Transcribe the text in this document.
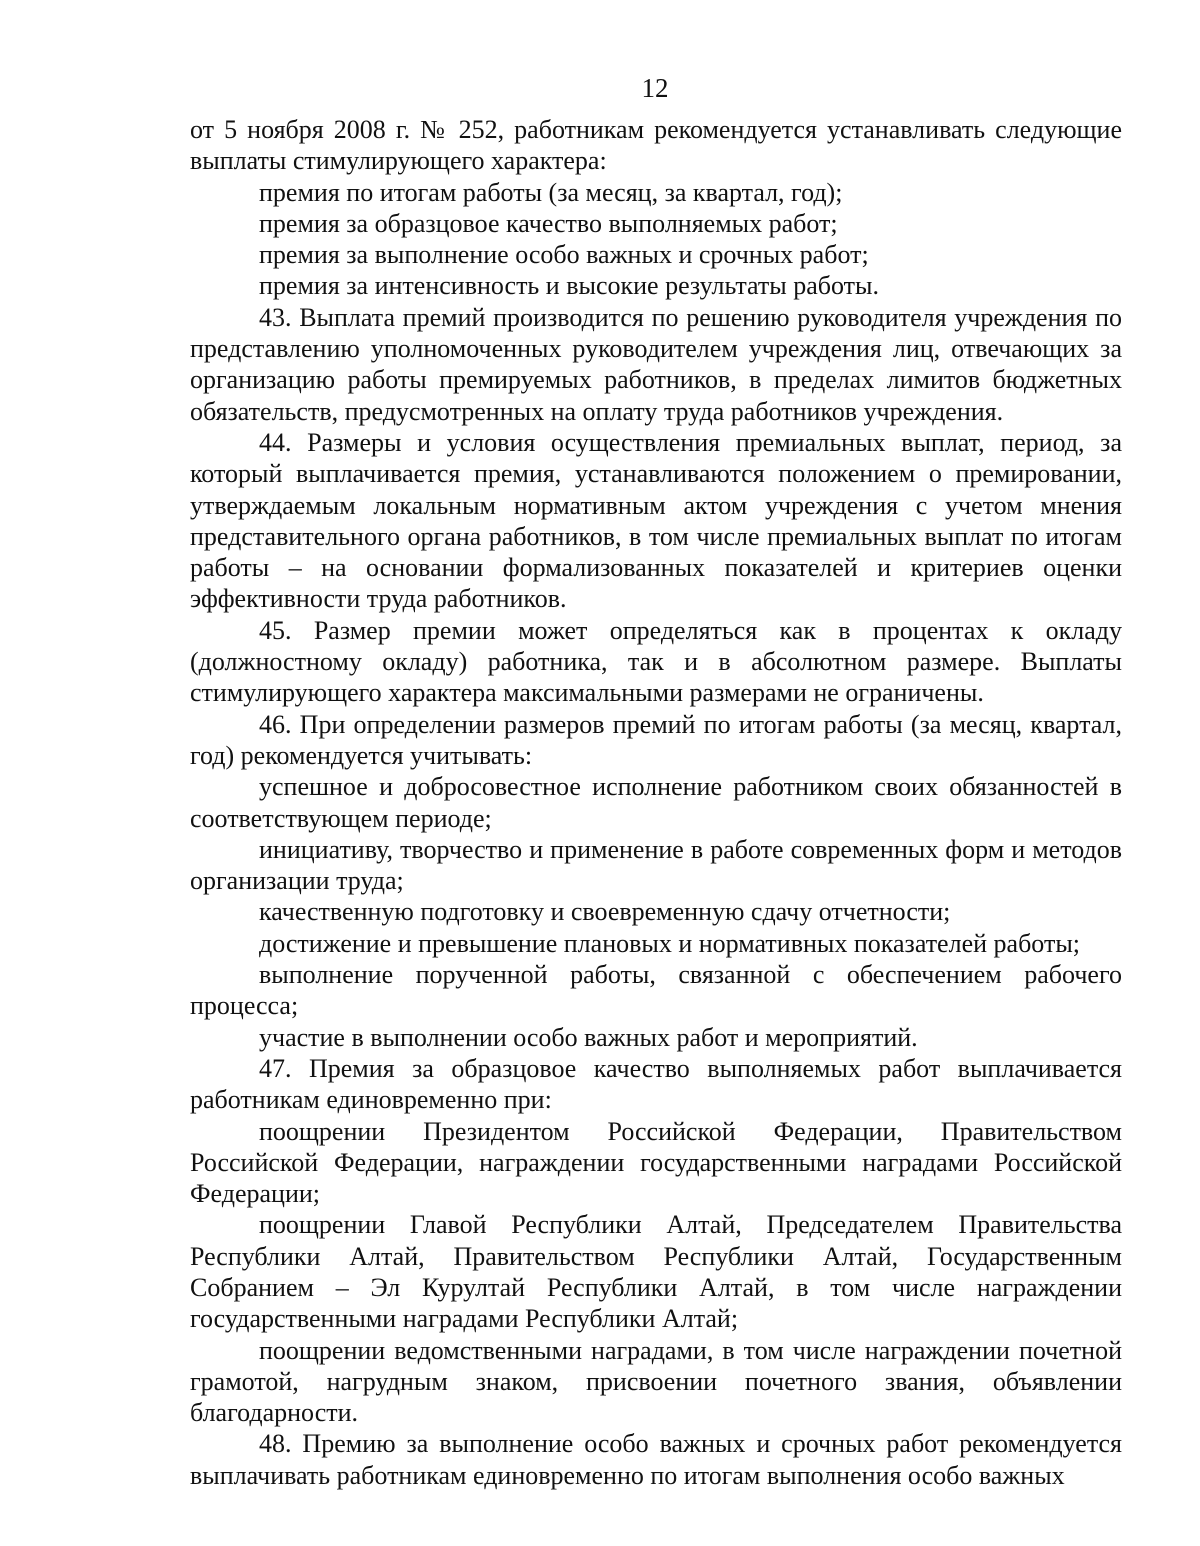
12

от 5 ноября 2008 г. № 252, работникам рекомендуется устанавливать следующие выплаты стимулирующего характера:

премия по итогам работы (за месяц, за квартал, год);

премия за образцовое качество выполняемых работ;

премия за выполнение особо важных и срочных работ;

премия за интенсивность и высокие результаты работы.

43. Выплата премий производится по решению руководителя учреждения по представлению уполномоченных руководителем учреждения лиц, отвечающих за организацию работы премируемых работников, в пределах лимитов бюджетных обязательств, предусмотренных на оплату труда работников учреждения.

44. Размеры и условия осуществления премиальных выплат, период, за который выплачивается премия, устанавливаются положением о премировании, утверждаемым локальным нормативным актом учреждения с учетом мнения представительного органа работников, в том числе премиальных выплат по итогам работы – на основании формализованных показателей и критериев оценки эффективности труда работников.

45. Размер премии может определяться как в процентах к окладу (должностному окладу) работника, так и в абсолютном размере. Выплаты стимулирующего характера максимальными размерами не ограничены.

46. При определении размеров премий по итогам работы (за месяц, квартал, год) рекомендуется учитывать:

успешное и добросовестное исполнение работником своих обязанностей в соответствующем периоде;

инициативу, творчество и применение в работе современных форм и методов организации труда;

качественную подготовку и своевременную сдачу отчетности;

достижение и превышение плановых и нормативных показателей работы;

выполнение порученной работы, связанной с обеспечением рабочего процесса;

участие в выполнении особо важных работ и мероприятий.

47. Премия за образцовое качество выполняемых работ выплачивается работникам единовременно при:

поощрении Президентом Российской Федерации, Правительством Российской Федерации, награждении государственными наградами Российской Федерации;

поощрении Главой Республики Алтай, Председателем Правительства Республики Алтай, Правительством Республики Алтай, Государственным Собранием – Эл Курултай Республики Алтай, в том числе награждении государственными наградами Республики Алтай;

поощрении ведомственными наградами, в том числе награждении почетной грамотой, нагрудным знаком, присвоении почетного звания, объявлении благодарности.

48. Премию за выполнение особо важных и срочных работ рекомендуется выплачивать работникам единовременно по итогам выполнения особо важных
